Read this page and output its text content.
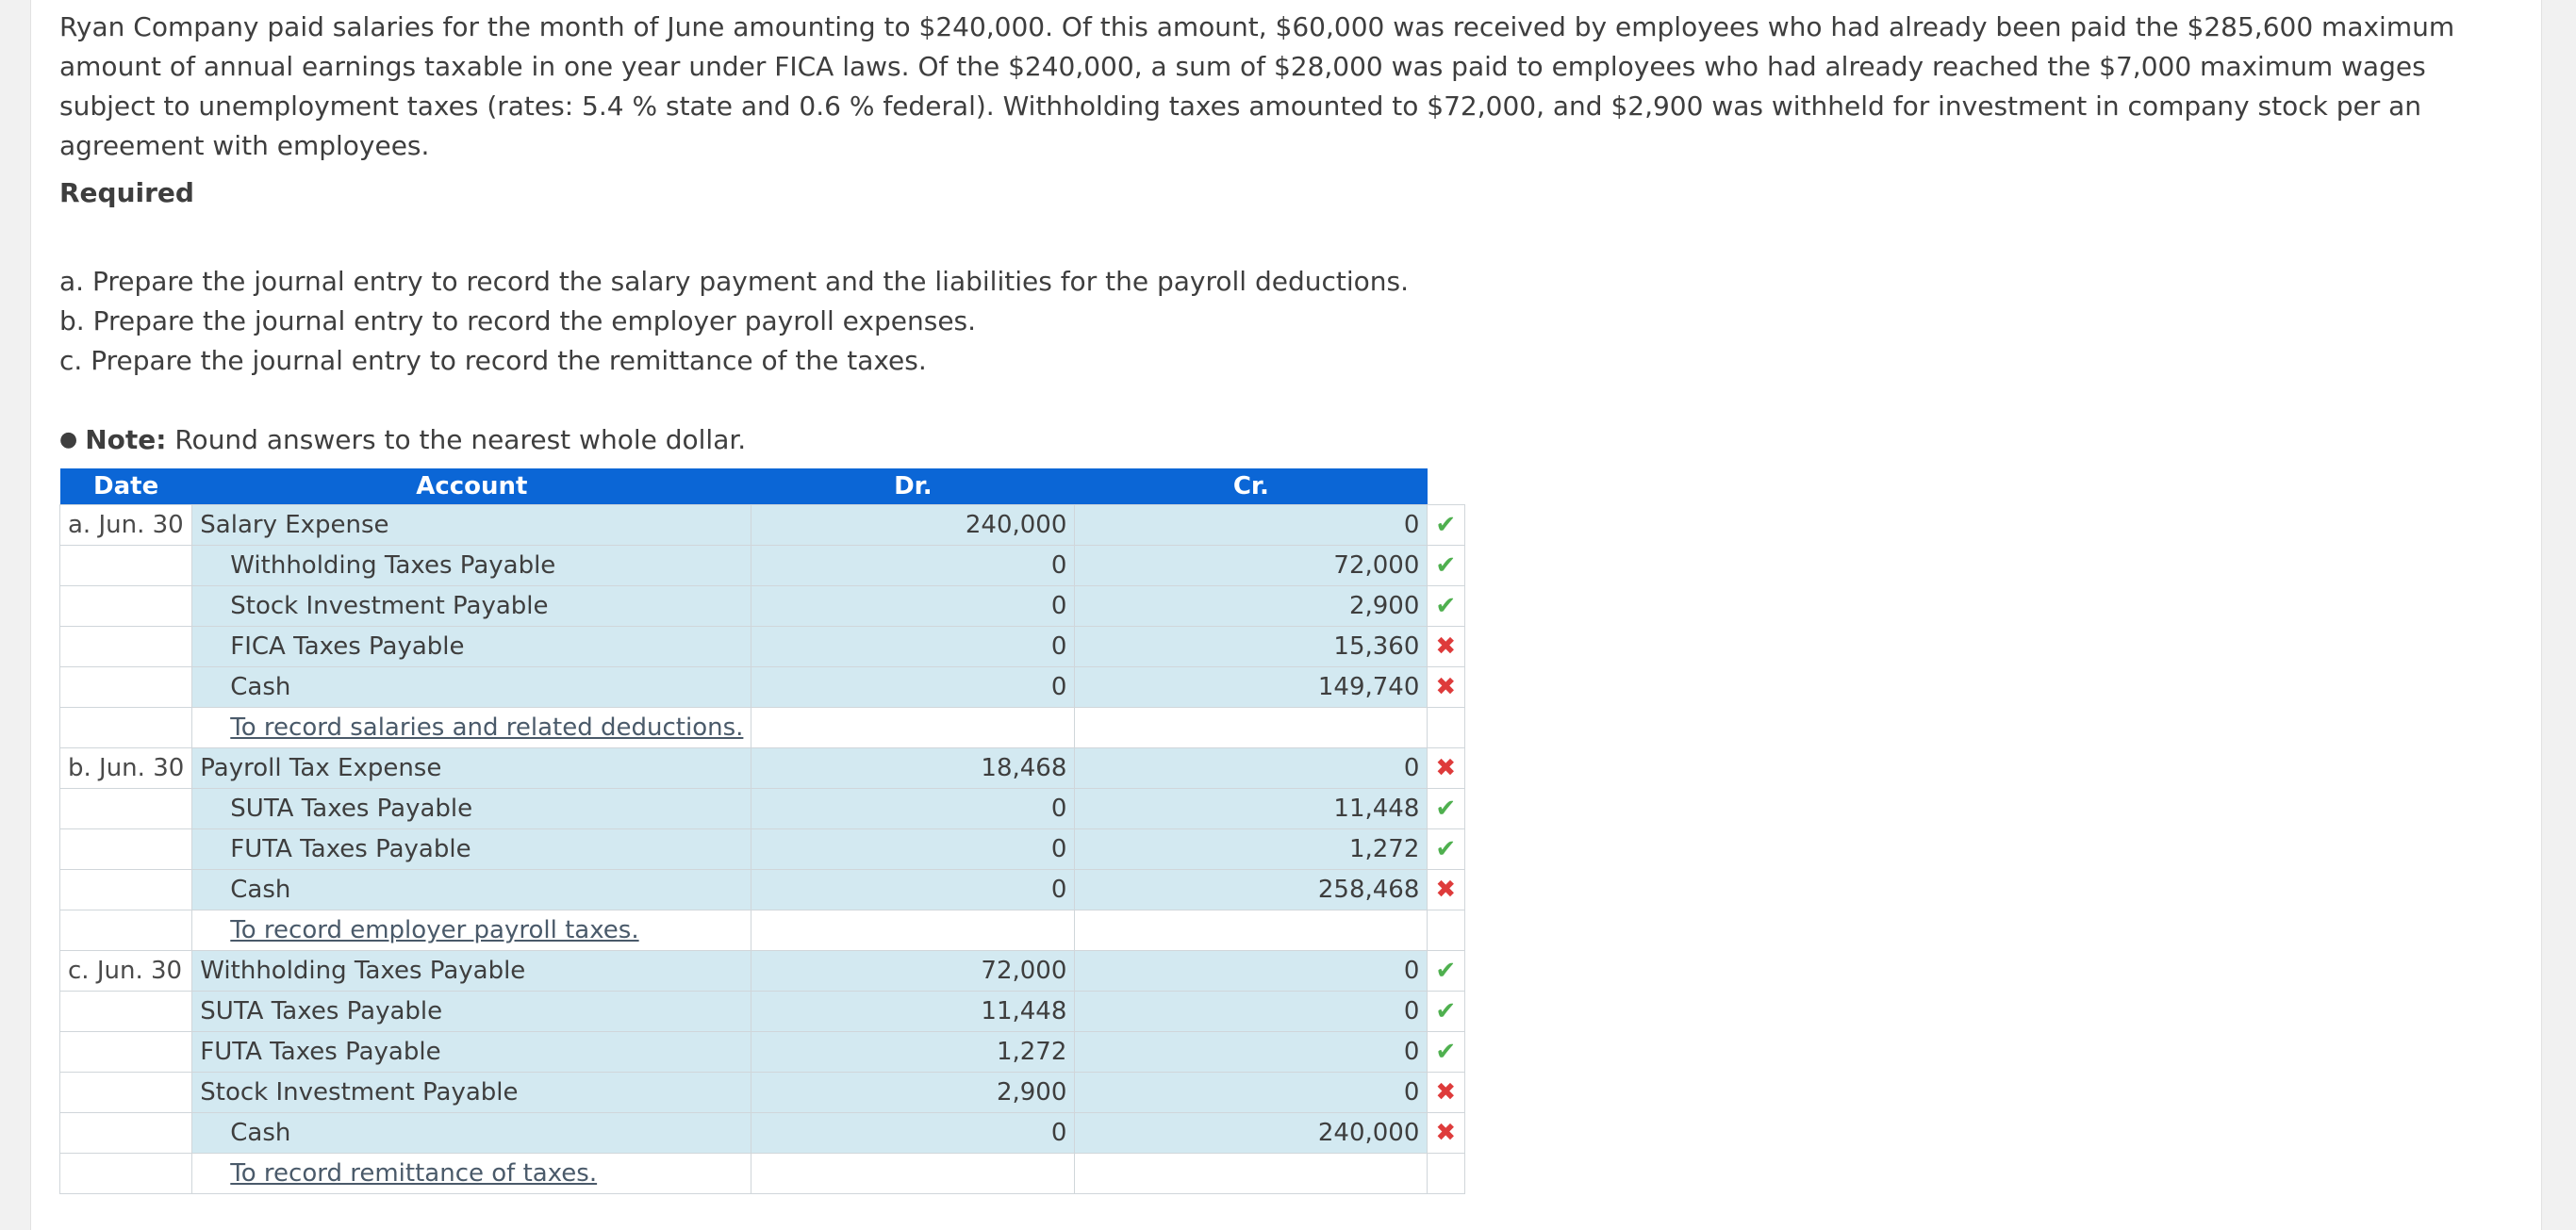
Ryan Company paid salaries for the month of June amounting to $240,000. Of this amount, $60,000 was received by employees who had already been paid the $285,600 maximum amount of annual earnings taxable in one year under FICA laws. Of the $240,000, a sum of $28,000 was paid to employees who had already reached the $7,000 maximum wages subject to unemployment taxes (rates: 5.4 % state and 0.6 % federal). Withholding taxes amounted to $72,000, and $2,900 was withheld for investment in company stock per an agreement with employees.

Required
a. Prepare the journal entry to record the salary payment and the liabilities for the payroll deductions.
b. Prepare the journal entry to record the employer payroll expenses.
c. Prepare the journal entry to record the remittance of the taxes.
● Note: Round answers to the nearest whole dollar.
Date	Account	Dr.	Cr.	
a. Jun. 30	Salary Expense	240,000	0	✔
	Withholding Taxes Payable	0	72,000	✔
	Stock Investment Payable	0	2,900	✔
	FICA Taxes Payable	0	15,360	✖
	Cash	0	149,740	✖
	To record salaries and related deductions.			
b. Jun. 30	Payroll Tax Expense	18,468	0	✖
	SUTA Taxes Payable	0	11,448	✔
	FUTA Taxes Payable	0	1,272	✔
	Cash	0	258,468	✖
	To record employer payroll taxes.			
c. Jun. 30	Withholding Taxes Payable	72,000	0	✔
	SUTA Taxes Payable	11,448	0	✔
	FUTA Taxes Payable	1,272	0	✔
	Stock Investment Payable	2,900	0	✖
	Cash	0	240,000	✖
	To record remittance of taxes.			
